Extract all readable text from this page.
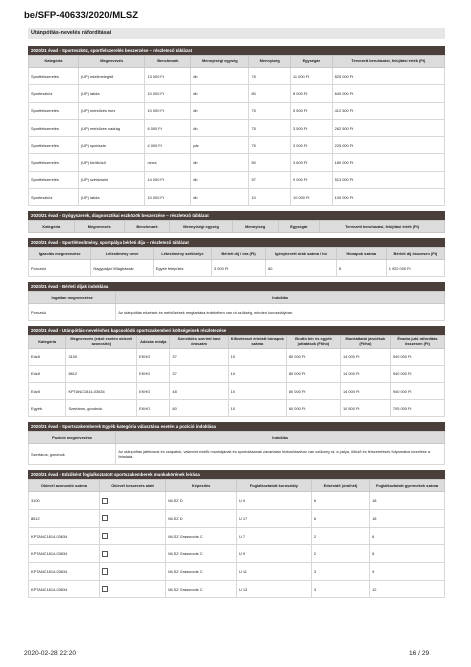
be/SFP-40633/2020/MLSZ
Utánpótlás-nevelés ráfordításai
2020/21 évad - Sporteszköz, sportfelszerelés beszerzése – részletező táblázat
Kategória	Megnevezés	Benchmark	Mennyiségi egység	Mennyiség	Egységár	Tervezett beruházási, felújítási érték (Ft)
Sportfelszerelés	(UP) edzőmelegítő	13 000 Ft	db	75	11 000 Ft	825 000 Ft
Sporteszköz	(UP) labda	10 000 Ft	db	80	8 000 Ft	640 000 Ft
Sportfelszerelés	(UP) mérkőzés mez	10 000 Ft	db	75	5 500 Ft	412 500 Ft
Sportfelszerelés	(UP) mérkőzés nadrág	6 000 Ft	db	75	3 500 Ft	262 500 Ft
Sportfelszerelés	(UP) sportszár	4 000 Ft	pár	75	3 000 Ft	225 000 Ft
Sportfelszerelés	(UP) törölköző	nincs	db	50	3 600 Ft	180 000 Ft
Sportfelszerelés	(UP) széldzseki	14 000 Ft	db	57	9 000 Ft	513 000 Ft
Sporteszköz	(UP) labda	10 000 Ft	db	10	10 000 Ft	100 000 Ft
2020/21 évad - Gyógyszerek, diagnosztikai eszközök beszerzése – részletező táblázat
Kategória	Megnevezés	Benchmark	Mennyiségi egység	Mennyiség	Egységár	Tervezett beruházási, felújítási érték (Ft)
2020/21 évad - Sportlétesítmény, sportpálya bérleti díja – részletező táblázat
Igazolás megnevezése	Létesítmény neve	Létesítmény székhelye	Bérleti díj / óra (Ft)	Igénybevett órák száma / hó	Hónapok száma	Bérleti díj összesen (Ft)
Porozsló	Nagypáljai Villágbázsár	Egyéb felépülés	3 000 Ft	80	8	1 920 000 Ft
2020/21 évad - Bérleti díjak indoklása
Ingatlan megnevezése	Indoklás
Porozsló	Az utánpótlás edzések és mérkőzések megtartása érdekében van rá szükség, minden korosztályban.
2020/21 évad - Utánpótlás-neveléshez kapcsolódó sportszakemberi költségeinek részletezése
Kategória	Megnevezés (edző esetén oklevél azonosító)	Adózás módja	Szerződés szerinti havi óraszám	Kifizetéssel érintett hónapok száma	Bruttó bér és egyéb juttatások (Ft/hó)	Munkáltatói járulékok (Ft/hó)	Évadra jutó ráfordítás összesen (Ft)
Edző	3100	EKHO	37	10	80 000 Ft	14 000 Ft	940 000 Ft
Edző	8612	EKHO	37	10	80 000 Ft	14 000 Ft	940 000 Ft
Edző	KPTANC1814-03634	EKHO	48	10	80 000 Ft	14 000 Ft	940 000 Ft
Egyéb	Szertáros, gondnok	EKHO	80	10	60 000 Ft	10 500 Ft	705 000 Ft
2020/21 évad - Sportszakemberek Egyéb kategória választása esetén a pozíció indoklása
Pozíció megnevezése	Indoklás
Szertáros, gondnok	Az utánpótlás játékosok és csapatok, valamint edzők munkájának és sportolásának zavartalan biztosításához van szükség rá, a pálya, öltöző és felszerelések folyamatos kezelése a feladata.
2020/21 évad - Edzőként foglalkoztatott sportszakemberek munkakörének leírása
Oklevél azonosító száma	Oklevél beszerzés alatt	Képesítés	Foglalkoztatott korosztály	Edzésidő (óra/hét)	Foglalkoztatott gyermekek száma
3100		MLSZ D	U 9	6	18
8612		MLSZ D	U 17	6	18
KPTANC1814-03634		MLSZ Grassroots C	U 7	2	6
KPTANC1814-03634		MLSZ Grassroots C	U 9	2	8
KPTANC1814-03634		MLSZ Grassroots C	U 11	3	9
KPTANC1814-03634		MLSZ Grassroots C	U 13	3	12
2020-02-28 22:20	16 / 29
